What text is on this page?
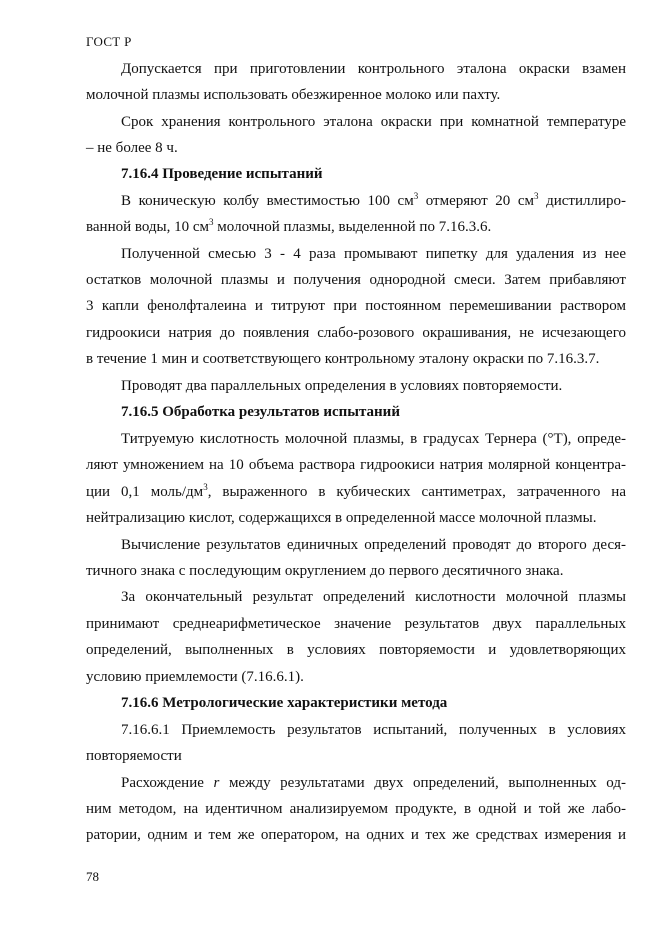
ГОСТ Р
Допускается при приготовлении контрольного эталона окраски взамен
молочной плазмы использовать обезжиренное молоко или пахту.
Срок хранения контрольного эталона окраски при комнатной температуре
– не более 8 ч.
7.16.4 Проведение испытаний
В коническую колбу вместимостью 100 $см^3$ отмеряют 20 $см^3$ дистиллиро-
ванной воды, 10 $см^3$ молочной плазмы, выделенной по 7.16.3.6.
Полученной смесью 3 - 4 раза промывают пипетку для удаления из нее
остатков молочной плазмы и получения однородной смеси. Затем прибавляют
3 капли фенолфталеина и титруют при постоянном перемешивании раствором
гидроокиси натрия до появления слабо-розового окрашивания, не исчезающего
в течение 1 мин и соответствующего контрольному эталону окраски по 7.16.3.7.
Проводят два параллельных определения в условиях повторяемости.
7.16.5 Обработка результатов испытаний
Титруемую кислотность молочной плазмы, в градусах Тернера (°Т), опреде-
ляют умножением на 10 объема раствора гидроокиси натрия молярной концентра-
ции 0,1 моль/$дм^3$, выраженного в кубических сантиметрах, затраченного на
нейтрализацию кислот, содержащихся в определенной массе молочной плазмы.
Вычисление результатов единичных определений проводят до второго деся-
тичного знака с последующим округлением до первого десятичного знака.
За окончательный результат определений кислотности молочной плазмы
принимают среднеарифметическое значение результатов двух параллельных
определений, выполненных в условиях повторяемости и удовлетворяющих
условию приемлемости (7.16.6.1).
7.16.6 Метрологические характеристики метода
7.16.6.1 Приемлемость результатов испытаний, полученных в условиях
повторяемости
Расхождение r между результатами двух определений, выполненных од-
ним методом, на идентичном анализируемом продукте, в одной и той же лабо-
ратории, одним и тем же оператором, на одних и тех же средствах измерения и
78
